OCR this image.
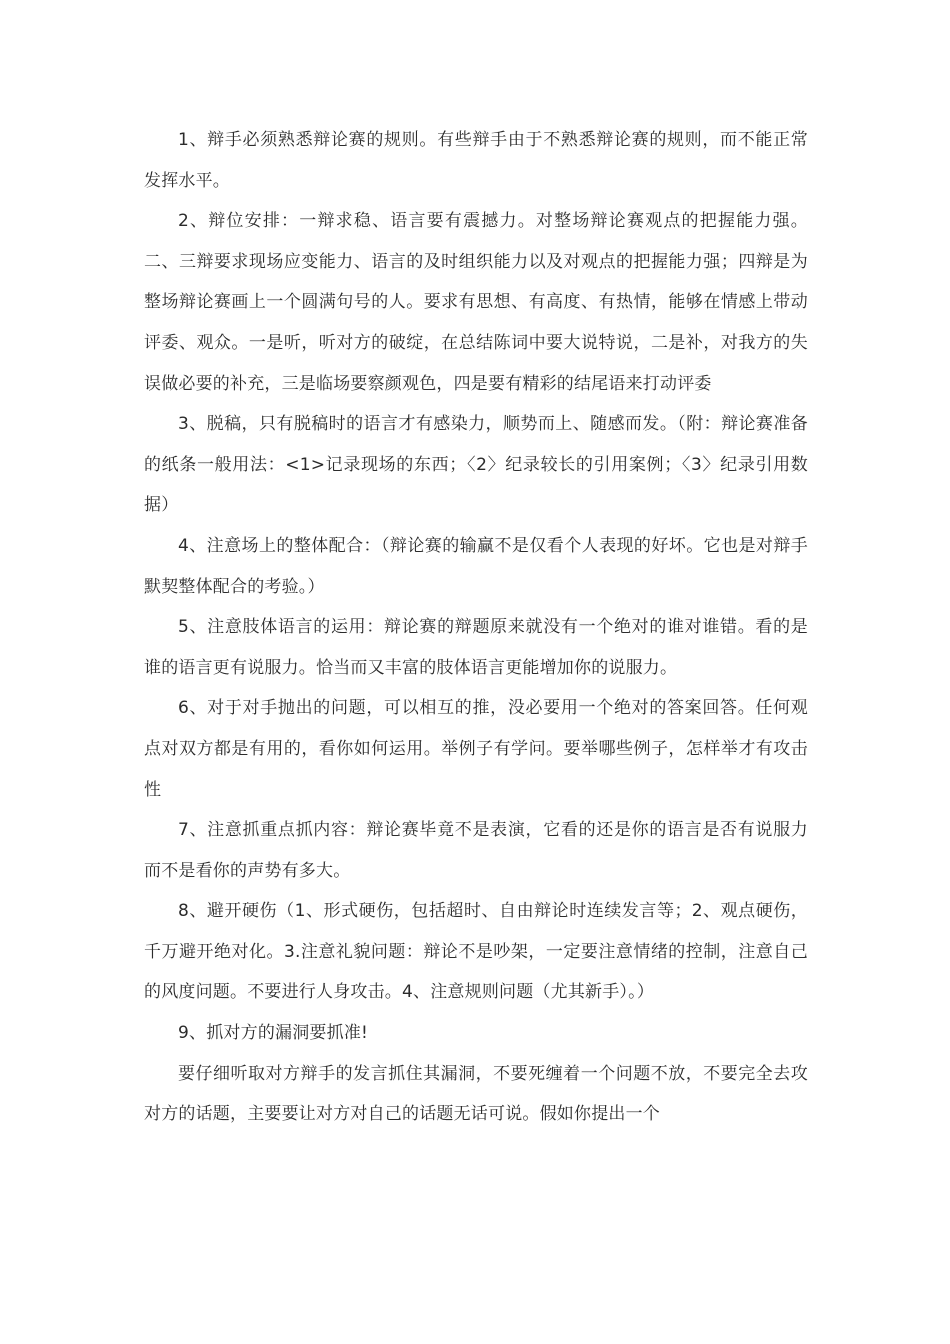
1、辩手必须熟悉辩论赛的规则。有些辩手由于不熟悉辩论赛的规则，而不能正常发挥水平。

2、辩位安排：一辩求稳、语言要有震撼力。对整场辩论赛观点的把握能力强。二、三辩要求现场应变能力、语言的及时组织能力以及对观点的把握能力强；四辩是为整场辩论赛画上一个圆满句号的人。要求有思想、有高度、有热情，能够在情感上带动评委、观众。一是听，听对方的破绽，在总结陈词中要大说特说，二是补，对我方的失误做必要的补充，三是临场要察颜观色，四是要有精彩的结尾语来打动评委

3、脱稿，只有脱稿时的语言才有感染力，顺势而上、随感而发。（附：辩论赛准备的纸条一般用法：<1>记录现场的东西；〈2〉纪录较长的引用案例；〈3〉纪录引用数据）

4、注意场上的整体配合：（辩论赛的输赢不是仅看个人表现的好坏。它也是对辩手默契整体配合的考验。）

5、注意肢体语言的运用：辩论赛的辩题原来就没有一个绝对的谁对谁错。看的是谁的语言更有说服力。恰当而又丰富的肢体语言更能增加你的说服力。

6、对于对手抛出的问题，可以相互的推，没必要用一个绝对的答案回答。任何观点对双方都是有用的，看你如何运用。举例子有学问。要举哪些例子，怎样举才有攻击性

7、注意抓重点抓内容：辩论赛毕竟不是表演，它看的还是你的语言是否有说服力而不是看你的声势有多大。

8、避开硬伤（1、形式硬伤，包括超时、自由辩论时连续发言等；2、观点硬伤，千万避开绝对化。3.注意礼貌问题：辩论不是吵架，一定要注意情绪的控制，注意自己的风度问题。不要进行人身攻击。4、注意规则问题（尤其新手）。）

9、抓对方的漏洞要抓准!

要仔细听取对方辩手的发言抓住其漏洞，不要死缠着一个问题不放，不要完全去攻对方的话题，主要要让对方对自己的话题无话可说。假如你提出一个
